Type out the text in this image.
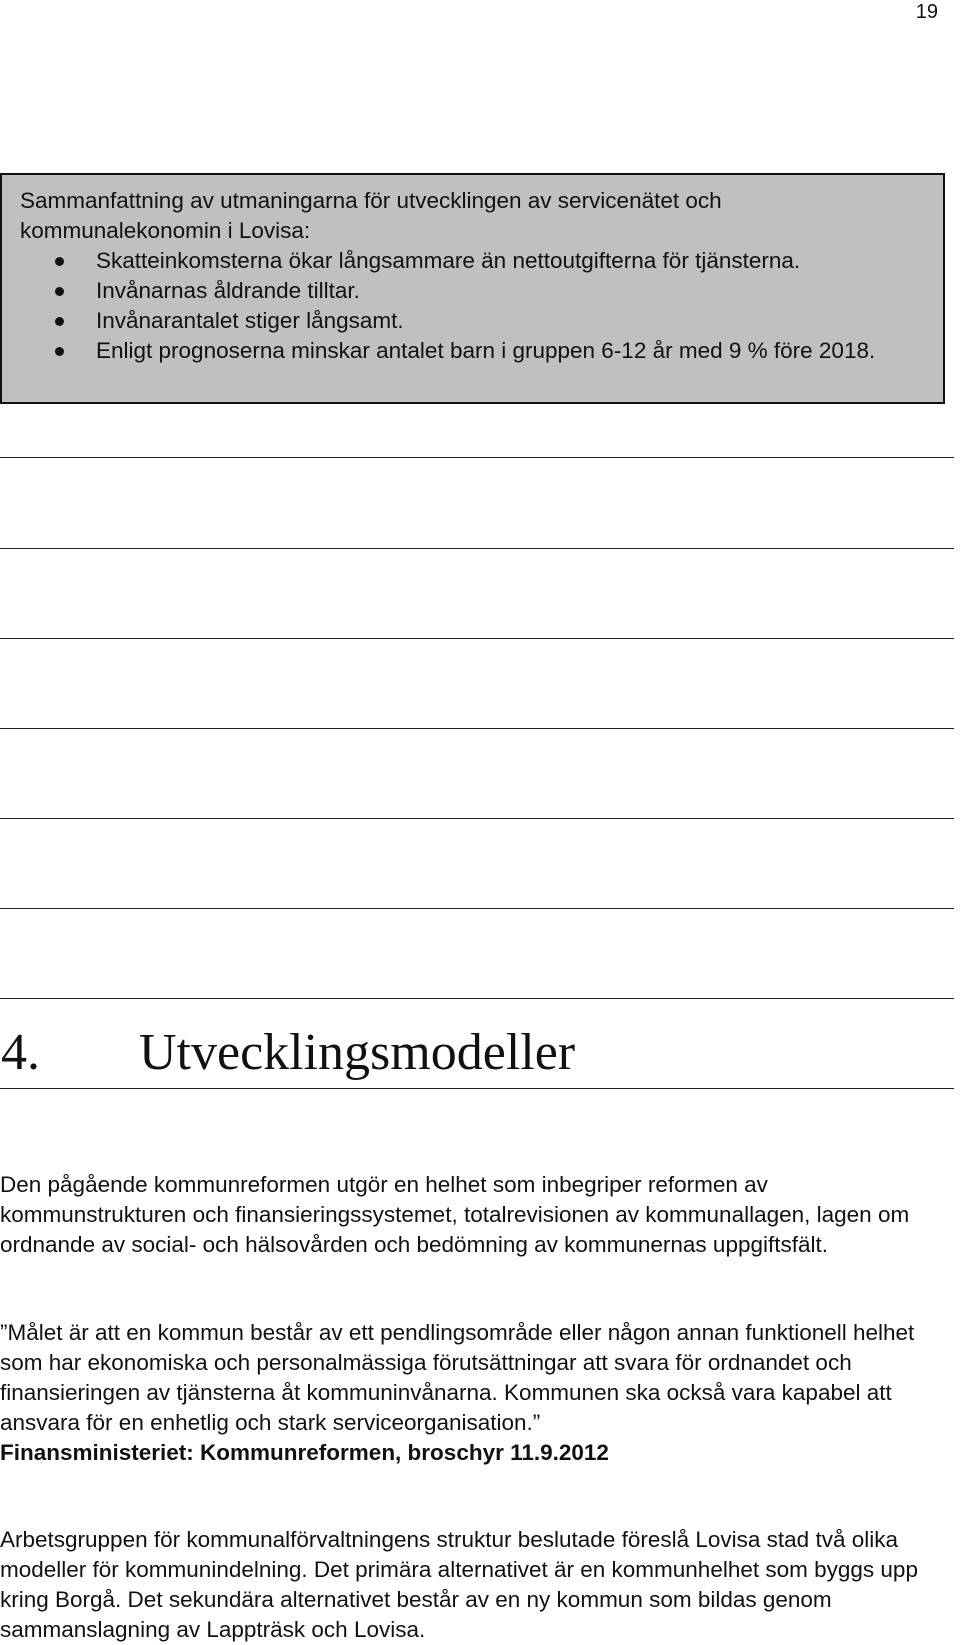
19

Sammanfattning av utmaningarna för utvecklingen av servicenätet och kommunalekonomin i Lovisa:

Skatteinkomsterna ökar långsammare än nettoutgifterna för tjänsterna.
Invånarnas åldrande tilltar.
Invånarantalet stiger långsamt.
Enligt prognoserna minskar antalet barn i gruppen 6-12 år med 9 % före 2018.
4. Utvecklingsmodeller

Den pågående kommunreformen utgör en helhet som inbegriper reformen av kommunstrukturen och finansieringssystemet, totalrevisionen av kommunallagen, lagen om ordnande av social- och hälsovården och bedömning av kommunernas uppgiftsfält.

”Målet är att en kommun består av ett pendlingsområde eller någon annan funktionell helhet som har ekonomiska och personalmässiga förutsättningar att svara för ordnandet och finansieringen av tjänsterna åt kommuninvånarna. Kommunen ska också vara kapabel att ansvara för en enhetlig och stark serviceorganisation.”
Finansministeriet: Kommunreformen, broschyr 11.9.2012

Arbetsgruppen för kommunalförvaltningens struktur beslutade föreslå Lovisa stad två olika modeller för kommunindelning. Det primära alternativet är en kommunhelhet som byggs upp kring Borgå. Det sekundära alternativet består av en ny kommun som bildas genom sammanslagning av Lappträsk och Lovisa.
